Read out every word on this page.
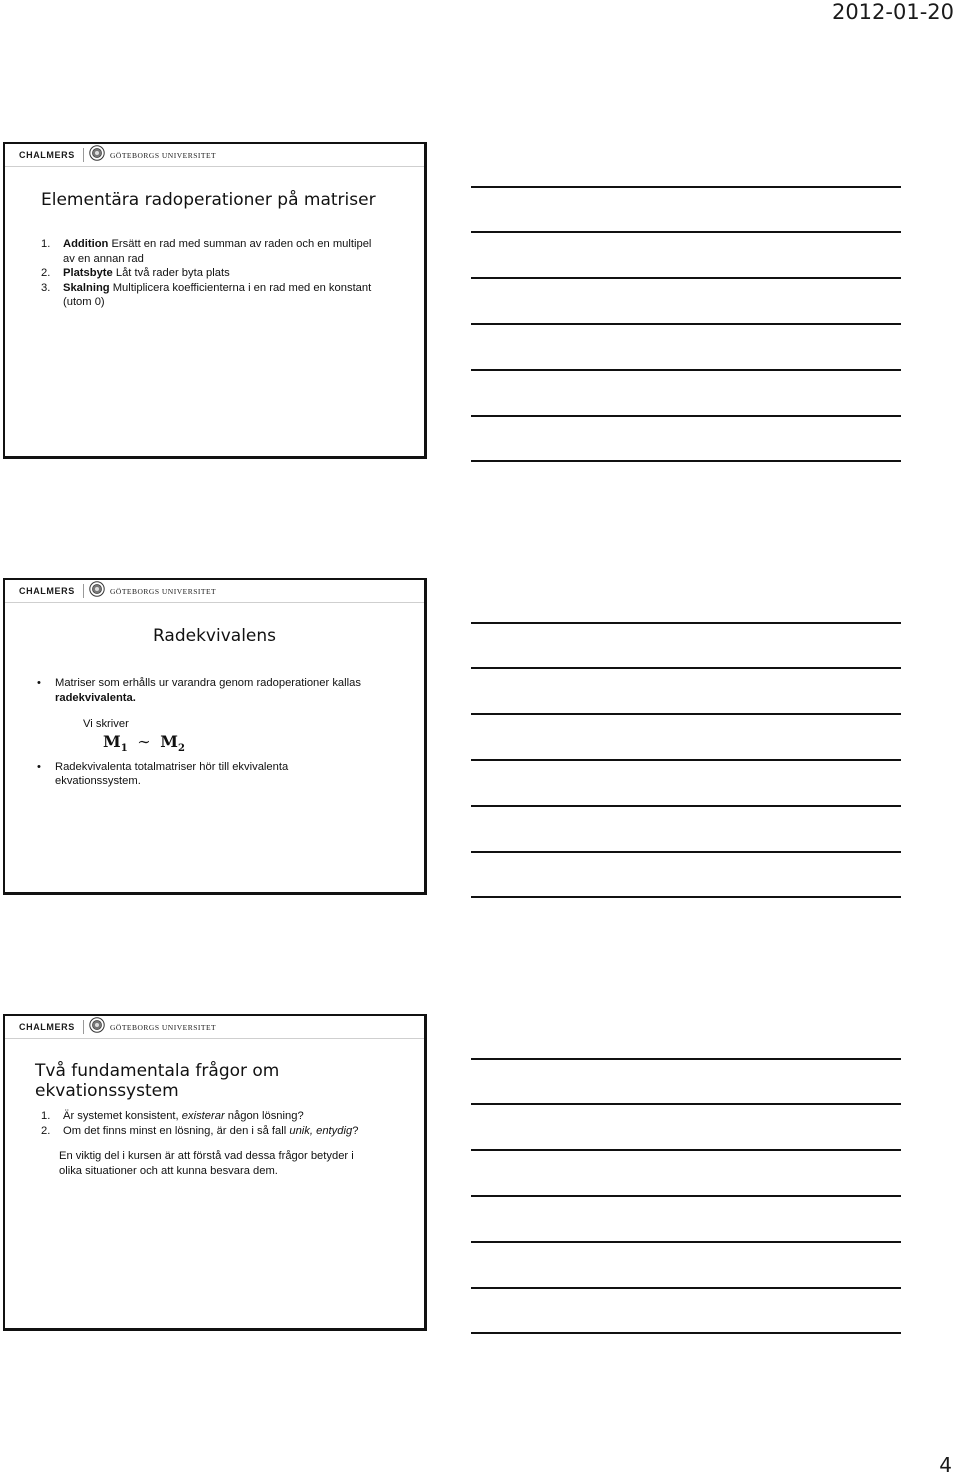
2012-01-20
CHALMERS	GÖTEBORGS UNIVERSITET
Elementära radoperationer på matriser
1. Addition Ersätt en rad med summan av raden och en multipel
av en annan rad
2. Platsbyte Låt två rader byta plats
3. Skalning Multiplicera koefficienterna i en rad med en konstant
(utom 0)
CHALMERS	GÖTEBORGS UNIVERSITET
Radekvivalens
• Matriser som erhålls ur varandra genom radoperationer kallas
radekvivalenta.
Vi skriver
$M_1$ ∼ $M_2$
• Radekvivalenta totalmatriser hör till ekvivalenta
ekvationssystem.
CHALMERS	GÖTEBORGS UNIVERSITET
Två fundamentala frågor om ekvationssystem
1. Är systemet konsistent, existerar någon lösning?
2. Om det finns minst en lösning, är den i så fall unik, entydig?
En viktig del i kursen är att förstå vad dessa frågor betyder i
olika situationer och att kunna besvara dem.
4
